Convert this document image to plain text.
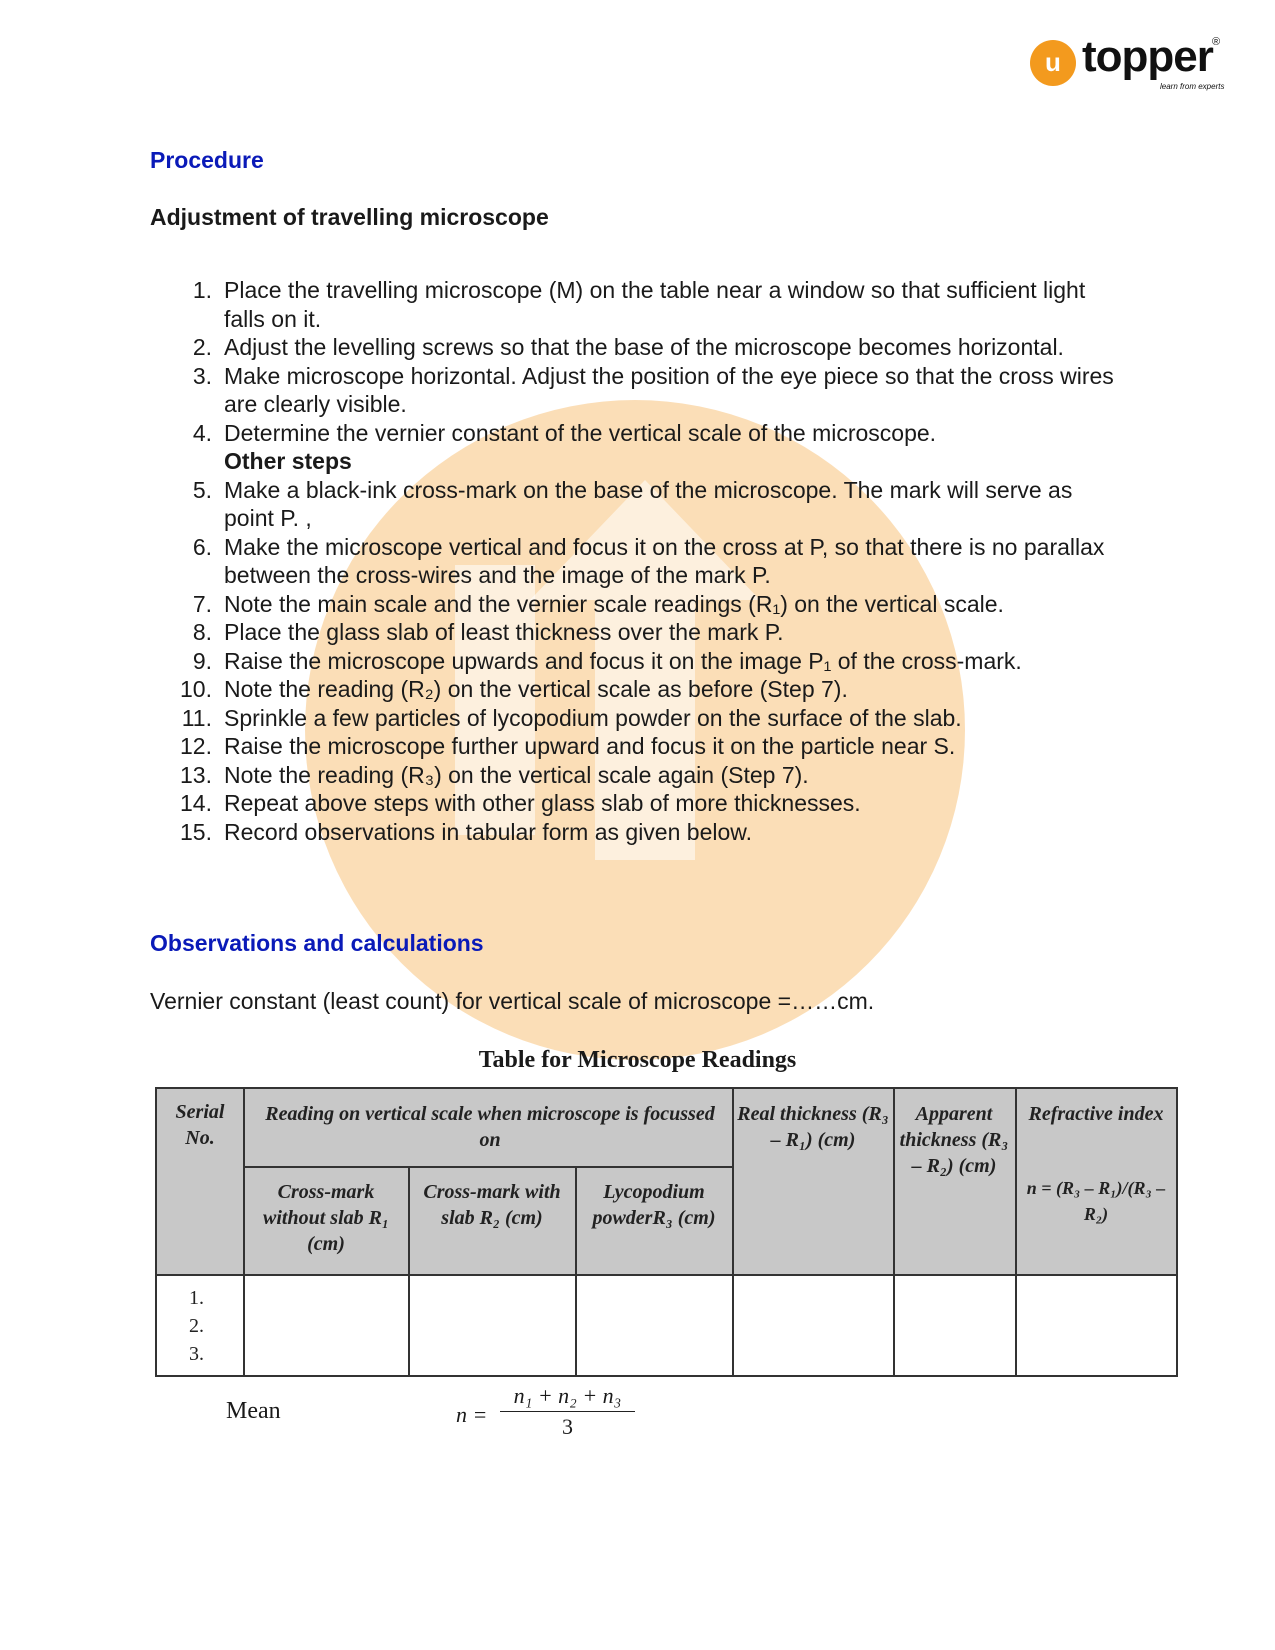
u topper ®
learn from experts
Procedure
Adjustment of travelling microscope
1. Place the travelling microscope (M) on the table near a window so that sufficient light falls on it.
2. Adjust the levelling screws so that the base of the microscope becomes horizontal.
3. Make microscope horizontal. Adjust the position of the eye piece so that the cross wires are clearly visible.
4. Determine the vernier constant of the vertical scale of the microscope.
Other steps
5. Make a black-ink cross-mark on the base of the microscope. The mark will serve as
point P. ,
6. Make the microscope vertical and focus it on the cross at P, so that there is no parallax between the cross-wires and the image of the mark P.
7. Note the main scale and the vernier scale readings (R₁) on the vertical scale.
8. Place the glass slab of least thickness over the mark P.
9. Raise the microscope upwards and focus it on the image P₁ of the cross-mark.
10. Note the reading (R₂) on the vertical scale as before (Step 7).
11. Sprinkle a few particles of lycopodium powder on the surface of the slab.
12. Raise the microscope further upward and focus it on the particle near S.
13. Note the reading (R₃) on the vertical scale again (Step 7).
14. Repeat above steps with other glass slab of more thicknesses.
15. Record observations in tabular form as given below.
Observations and calculations
Vernier constant (least count) for vertical scale of microscope =……cm.
Table for Microscope Readings
Serial No.
Reading on vertical scale when microscope is focussed on
Cross-mark without slab R₁ (cm)
Cross-mark with slab R₂ (cm)
Lycopodium powderR₃ (cm)
Real thickness (R₃ – R₁) (cm)
Apparent thickness (R₃ – R₂) (cm)
Refractive index
n = (R₃ – R₁)/(R₃ – R₂)
1.
2.
3.
Mean	$n = \frac{\text{n₁ + n₂ + n₃}}{3}$
